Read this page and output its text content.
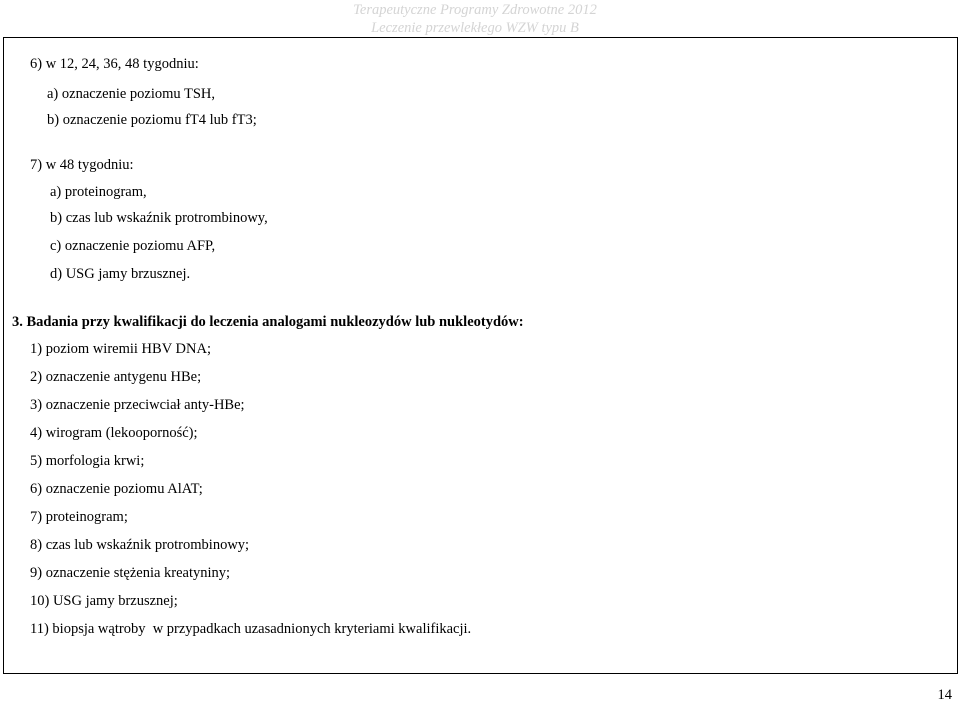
Terapeutyczne Programy Zdrowotne 2012
Leczenie przewlekłego WZW typu B
6) w 12, 24, 36, 48 tygodniu:
a) oznaczenie poziomu TSH,
b) oznaczenie poziomu fT4 lub fT3;
7) w 48 tygodniu:
a) proteinogram,
b) czas lub wskaźnik protrombinowy,
c) oznaczenie poziomu AFP,
d) USG jamy brzusznej.
3. Badania przy kwalifikacji do leczenia analogami nukleozydów lub nukleotydów:
1) poziom wiremii HBV DNA;
2) oznaczenie antygenu HBe;
3) oznaczenie przeciwciał anty-HBe;
4) wirogram (lekooporność);
5) morfologia krwi;
6) oznaczenie poziomu AlAT;
7) proteinogram;
8) czas lub wskaźnik protrombinowy;
9) oznaczenie stężenia kreatyniny;
10) USG jamy brzusznej;
11) biopsja wątroby  w przypadkach uzasadnionych kryteriami kwalifikacji.
14
